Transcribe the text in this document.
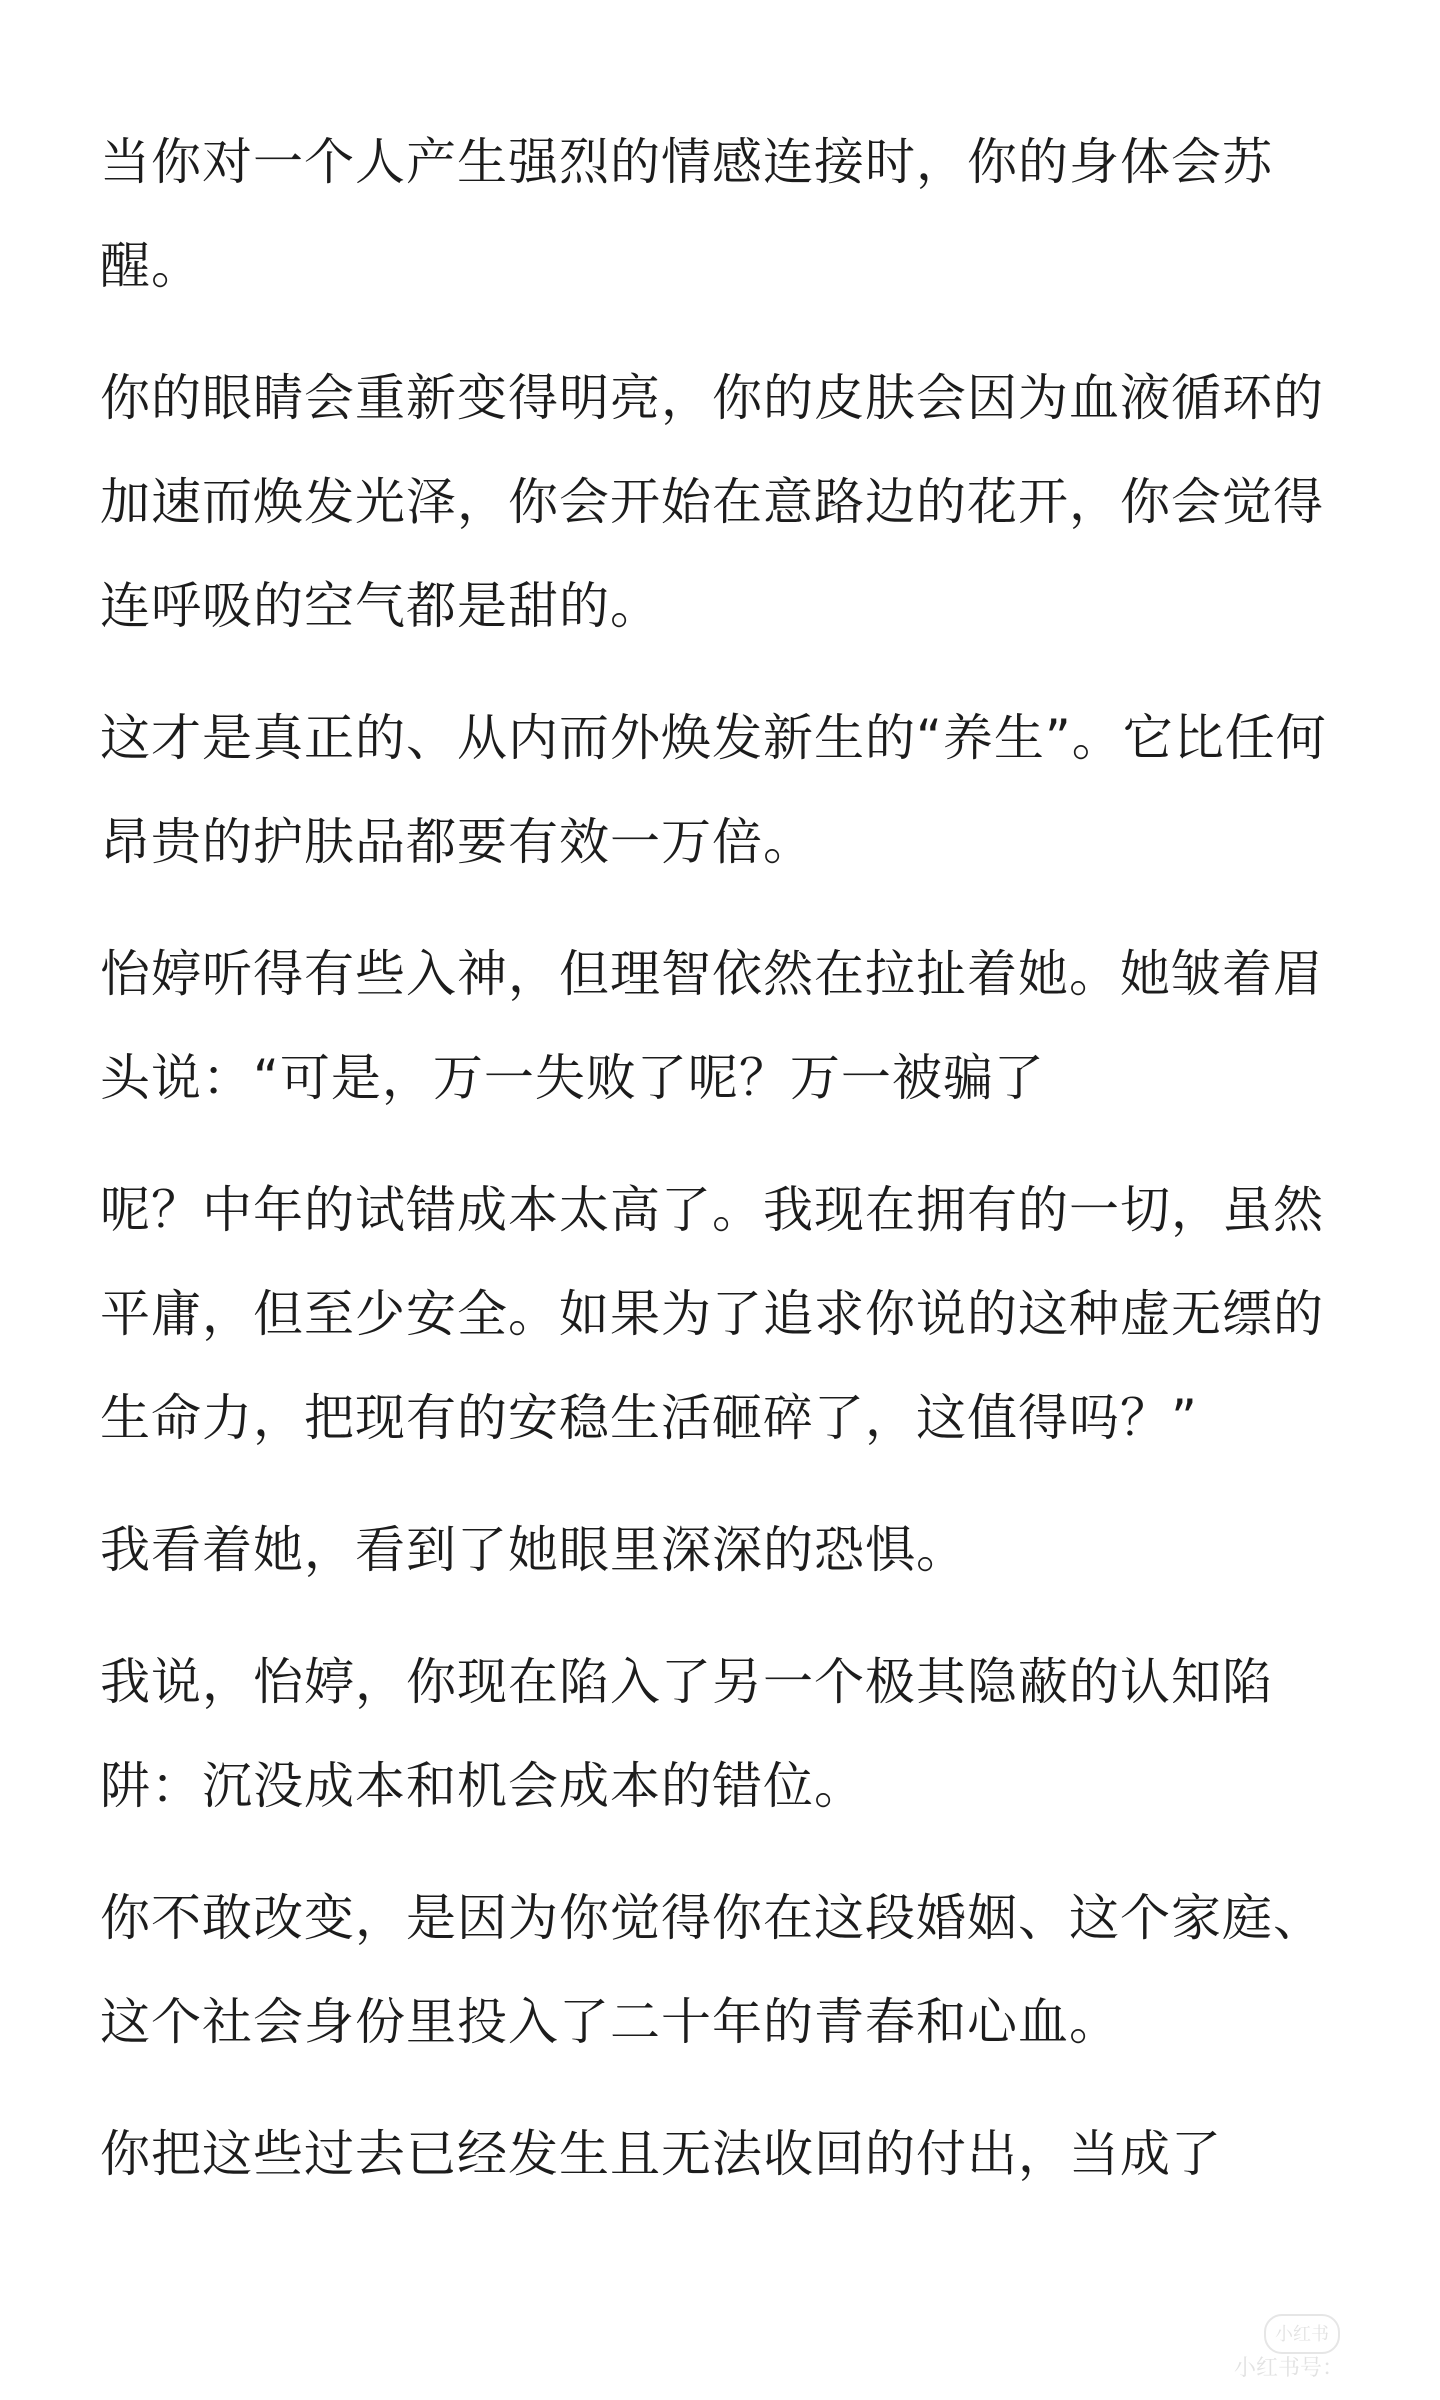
当你对一个人产生强烈的情感连接时，你的身体会苏醒。

你的眼睛会重新变得明亮，你的皮肤会因为血液循环的加速而焕发光泽，你会开始在意路边的花开，你会觉得连呼吸的空气都是甜的。

这才是真正的、从内而外焕发新生的“养生”。它比任何昂贵的护肤品都要有效一万倍。

怡婷听得有些入神，但理智依然在拉扯着她。她皱着眉头说：“可是，万一失败了呢？万一被骗了

呢？中年的试错成本太高了。我现在拥有的一切，虽然平庸，但至少安全。如果为了追求你说的这种虚无缥的生命力，把现有的安稳生活砸碎了，这值得吗？”

我看着她，看到了她眼里深深的恐惧。

我说，怡婷，你现在陷入了另一个极其隐蔽的认知陷阱：沉没成本和机会成本的错位。

你不敢改变，是因为你觉得你在这段婚姻、这个家庭、这个社会身份里投入了二十年的青春和心血。

你把这些过去已经发生且无法收回的付出，当成了

小红书
小红书号：
